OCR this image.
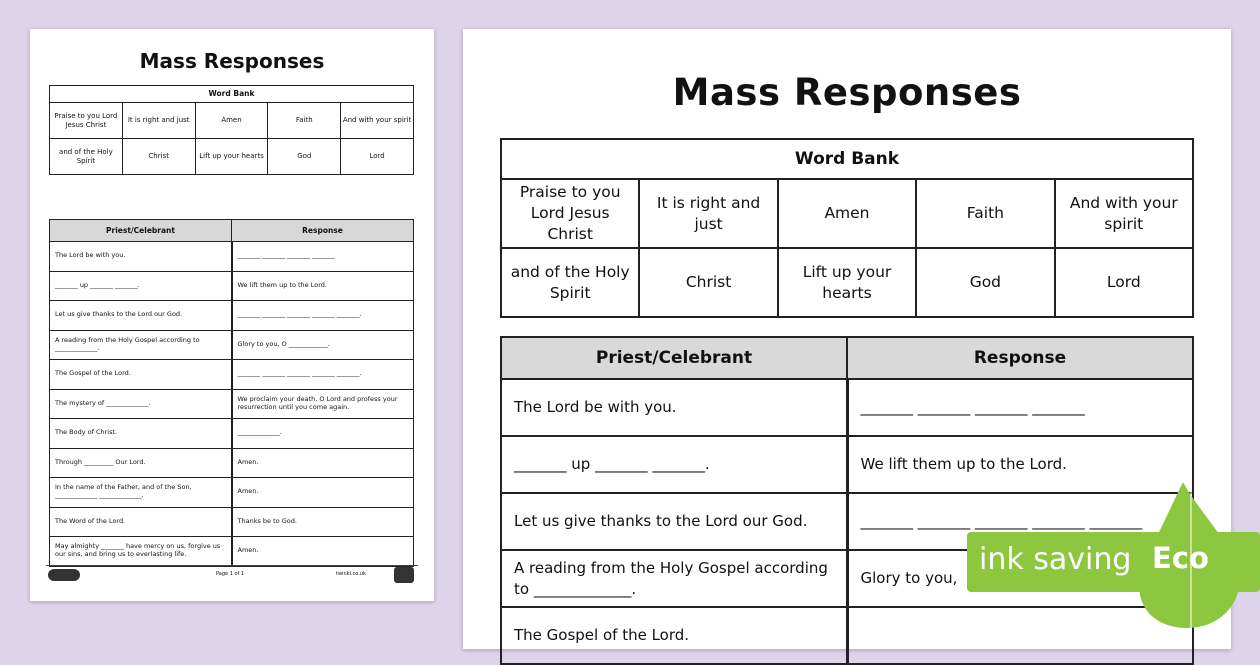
Mass Responses
Word Bank				
Praise to you Lord Jesus Christ	It is right and just	Amen	Faith	And with your spirit
and of the Holy Spirit	Christ	Lift up your hearts	God	Lord
Priest/Celebrant	Response
The Lord be with you.	_______ _______ _______ _______
_______ up _______ _______.	We lift them up to the Lord.
Let us give thanks to the Lord our God.	_______ _______ _______ _______ _______.
A reading from the Holy Gospel according to _____________.	Glory to you, O ____________.
The Gospel of the Lord.	_______ _______ _______ _______ _______.
The mystery of _____________.	We proclaim your death, O Lord and profess your resurrection until you come again.
The Body of Christ.	_____________.
Through _________ Our Lord.	Amen.
In the name of the Father, and of the Son, _____________ _____________.	Amen.
The Word of the Lord.	Thanks be to God.
May almighty _______ have mercy on us, forgive us our sins, and bring us to everlasting life.	Amen.
Page 1 of 1	twinkl.co.uk
Mass Responses
Word Bank				
Praise to you Lord Jesus Christ	It is right and just	Amen	Faith	And with your spirit
and of the Holy Spirit	Christ	Lift up your hearts	God	Lord
Priest/Celebrant	Response
The Lord be with you.	_______ _______ _______ _______
_______ up _______ _______.	We lift them up to the Lord.
Let us give thanks to the Lord our God.	_______ _______ _______ _______ _______
A reading from the Holy Gospel according to _____________.	Glory to you,
The Gospel of the Lord.	
ink saving Eco
